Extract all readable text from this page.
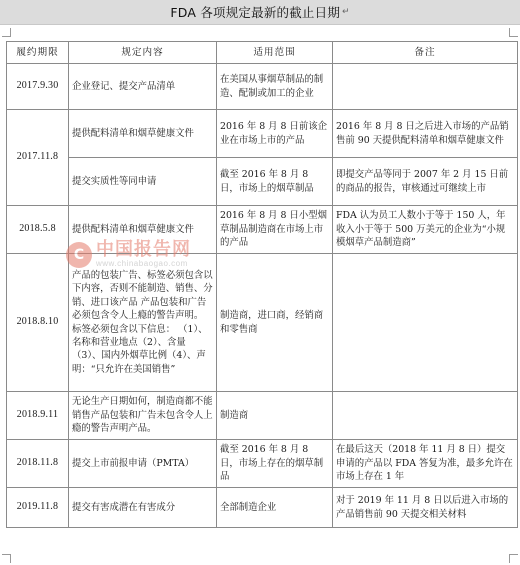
FDA 各项规定最新的截止日期 ↵
履约期限	规定内容	适用范围	备注
2017.9.30	企业登记、提交产品清单	在美国从事烟草制品的制造、配制或加工的企业	
2017.11.8	提供配料清单和烟草健康文件	2016 年 8 月 8 日前该企业在市场上市的产品	2016 年 8 月 8 日之后进入市场的产品销售前 90 天提供配料清单和烟草健康文件
	提交实质性等同申请	截至 2016 年 8 月 8 日，市场上的烟草制品	即提交产品等同于 2007 年 2 月 15 日前的商品的报告，审核通过可继续上市
2018.5.8	提供配料清单和烟草健康文件	2016 年 8 月 8 日小型烟草制品制造商在市场上市的产品	FDA 认为员工人数小于等于 150 人，年收入小于等于 500 万美元的企业为“小规模烟草产品制造商”
2018.8.10	产品的包装广告、标签必须包含以下内容，否则不能制造、销售、分销、进口该产品 产品包装和广告必须包含令人上瘾的警告声明。 标签必须包含以下信息： （1）、名称和营业地点（2）、含量（3）、国内外烟草比例（4）、声明：“只允许在美国销售”	制造商，进口商，经销商和零售商	
2018.9.11	无论生产日期如何，制造商都不能销售产品包装和广告未包含令人上瘾的警告声明产品。	制造商	
2018.11.8	提交上市前报申请（PMTA）	截至 2016 年 8 月 8 日，市场上存在的烟草制品	在最后这天（2018 年 11 月 8 日）提交申请的产品以 FDA 答复为准，最多允许在市场上存在 1 年
2019.11.8	提交有害成潜在有害成分	全部制造企业	对于 2019 年 11 月 8 日以后进入市场的产品销售前 90 天提交相关材料
C 中国报告网
www.chinabaogao.com
